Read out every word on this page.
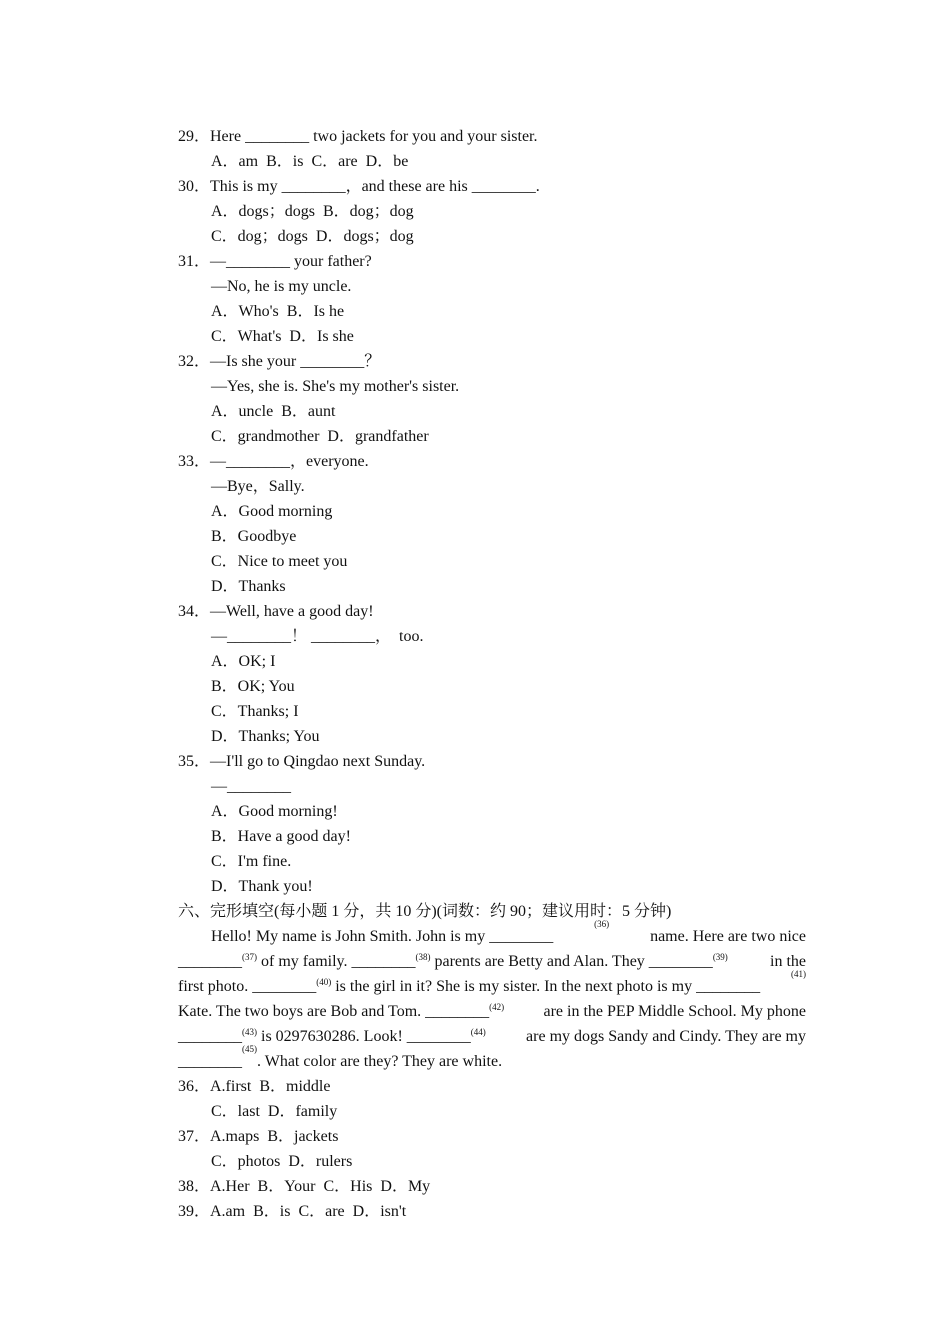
29．Here ________ two jackets for you and your sister.
A．am  B．is  C．are  D．be
30．This is my ________，and these are his ________.
A．dogs；dogs  B．dog；dog
C．dog；dogs  D．dogs；dog
31．—________ your father?
—No, he is my uncle.
A．Who's  B．Is he
C．What's  D．Is she
32．—Is she your ________？
—Yes, she is. She's my mother's sister.
A．uncle  B．aunt
C．grandmother  D．grandfather
33．—________，everyone.
—Bye，Sally.
A．Good morning
B．Goodbye
C．Nice to meet you
D．Thanks
34．—Well, have a good day!
—________！ ________，  too.
A．OK; I
B．OK; You
C．Thanks; I
D．Thanks; You
35．—I'll go to Qingdao next Sunday.
—________
A．Good morning!
B．Have a good day!
C．I'm fine.
D．Thank you!
六、完形填空(每小题 1 分，共 10 分)(词数：约 90；建议用时：5 分钟)

Hello! My name is John Smith. John is my ________
(36)
name. Here are two nice

________$^{(37)}$ of my family. ________$^{(38)}$ parents are Betty and Alan. They ________$^{(39)}$	in the

first photo. ________$^{(40)}$ is the girl in it? She is my sister. In the next photo is my ________
(41)

Kate. The two boys are Bob and Tom. ________$^{(42)}$ are in the PEP Middle School. My phone

________$^{(43)}$ is 0297630286. Look! ________$^{(44)}$	are my dogs Sandy and Cindy. They are my

________
(45)
. What color are they? They are white.

36．A.first  B．middle
C．last  D．family
37．A.maps  B．jackets
C．photos  D．rulers
38．A.Her  B．Your  C．His  D．My
39．A.am  B．is  C．are  D．isn't
